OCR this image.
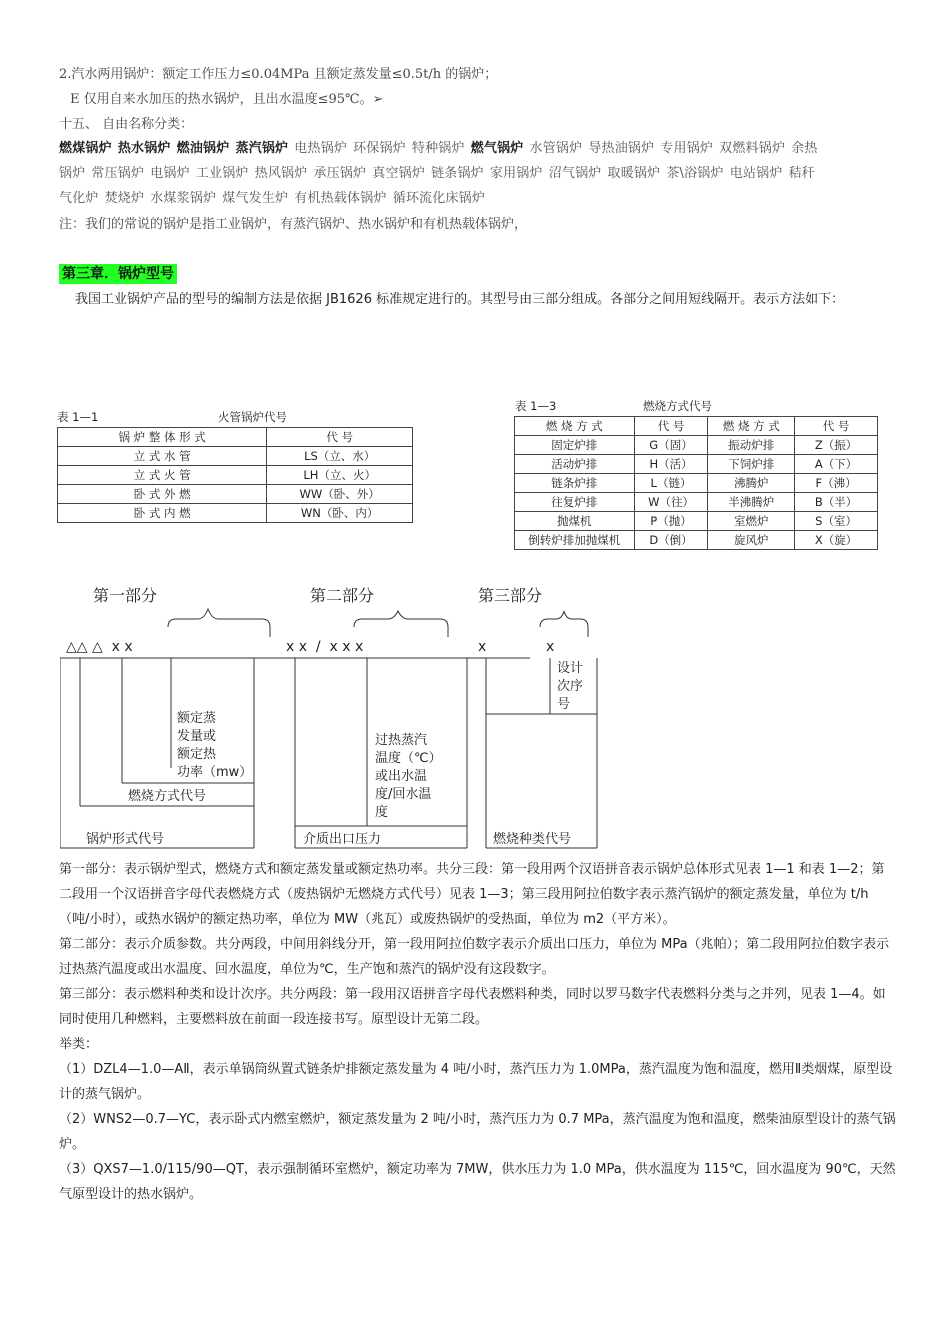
2.汽水两用锅炉：额定工作压力≤0.04MPa 且额定蒸发量≤0.5t/h 的锅炉；
E 仅用自来水加压的热水锅炉，且出水温度≤95℃。➢
十五、 自由名称分类：
燃煤锅炉 热水锅炉 燃油锅炉 蒸汽锅炉 电热锅炉 环保锅炉 特种锅炉 燃气锅炉 水管锅炉 导热油锅炉 专用锅炉 双燃料锅炉 余热
锅炉 常压锅炉 电锅炉 工业锅炉 热风锅炉 承压锅炉 真空锅炉 链条锅炉 家用锅炉 沼气锅炉 取暖锅炉 茶\浴锅炉 电站锅炉 秸秆
气化炉 焚烧炉 水煤浆锅炉 煤气发生炉 有机热载体锅炉 循环流化床锅炉
注：我们的常说的锅炉是指工业锅炉，有蒸汽锅炉、热水锅炉和有机热载体锅炉，
第三章．锅炉型号
我国工业锅炉产品的型号的编制方法是依据 JB1626 标准规定进行的。其型号由三部分组成。各部分之间用短线隔开。表示方法如下：
表 1—1	火管锅炉代号
锅 炉 整 体 形 式	代 号
立 式 水 管	LS（立、水）
立 式 火 管	LH（立、火）
卧 式 外 燃	WW（卧、外）
卧 式 内 燃	WN（卧、内）
表 1—3	燃烧方式代号
燃 烧 方 式	代 号	燃 烧 方 式	代 号
固定炉排	G（固）	振动炉排	Z（振）
活动炉排	H（活）	下饲炉排	A（下）
链条炉排	L（链）	沸腾炉	F（沸）
往复炉排	W（往）	半沸腾炉	B（半）
抛煤机	P（抛）	室燃炉	S（室）
倒转炉排加抛煤机	D（倒）	旋风炉	X（旋）
第一部分	第二部分	第三部分
△△ △  x x	x x  /  x x x	x	x
设计
次序
号
额定蒸
发量或
额定热
功率（mw）
燃烧方式代号
锅炉形式代号
过热蒸汽
温度（℃）
或出水温
度/回水温
度
介质出口压力	燃烧种类代号
第一部分：表示锅炉型式，燃烧方式和额定蒸发量或额定热功率。共分三段：第一段用两个汉语拼音表示锅炉总体形式见表 1—1 和表 1—2；第二段用一个汉语拼音字母代表燃烧方式（废热锅炉无燃烧方式代号）见表 1—3；第三段用阿拉伯数字表示蒸汽锅炉的额定蒸发量，单位为 t/h（吨/小时），或热水锅炉的额定热功率，单位为 MW（兆瓦）或废热锅炉的受热面，单位为 m2（平方米）。
第二部分：表示介质参数。共分两段，中间用斜线分开，第一段用阿拉伯数字表示介质出口压力，单位为 MPa（兆帕）；第二段用阿拉伯数字表示过热蒸汽温度或出水温度、回水温度，单位为℃，生产饱和蒸汽的锅炉没有这段数字。
第三部分：表示燃料种类和设计次序。共分两段：第一段用汉语拼音字母代表燃料种类，同时以罗马数字代表燃料分类与之并列，见表 1—4。如同时使用几种燃料，主要燃料放在前面一段连接书写。原型设计无第二段。
举类：
（1）DZL4—1.0—AⅡ，表示单锅筒纵置式链条炉排额定蒸发量为 4 吨/小时，蒸汽压力为 1.0MPa，蒸汽温度为饱和温度，燃用Ⅱ类烟煤，原型设计的蒸气锅炉。
（2）WNS2—0.7—YC，表示卧式内燃室燃炉，额定蒸发量为 2 吨/小时，蒸汽压力为 0.7 MPa，蒸汽温度为饱和温度，燃柴油原型设计的蒸气锅炉。
（3）QXS7—1.0/115/90—QT，表示强制循环室燃炉，额定功率为 7MW，供水压力为 1.0 MPa，供水温度为 115℃，回水温度为 90℃，天然气原型设计的热水锅炉。
